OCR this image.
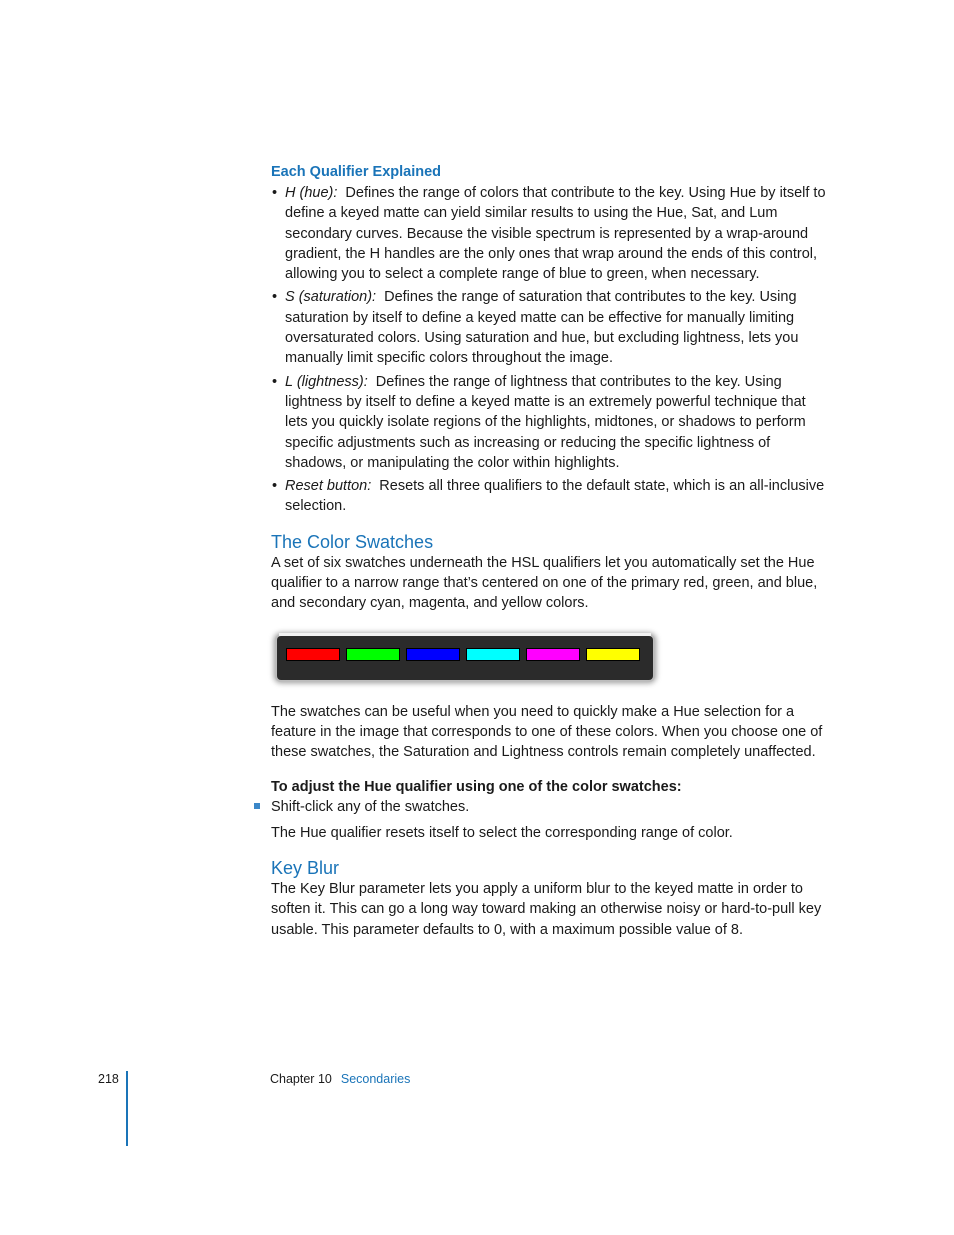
Each Qualifier Explained
• H (hue): Defines the range of colors that contribute to the key. Using Hue by itself to define a keyed matte can yield similar results to using the Hue, Sat, and Lum secondary curves. Because the visible spectrum is represented by a wrap-around gradient, the H handles are the only ones that wrap around the ends of this control, allowing you to select a complete range of blue to green, when necessary.
• S (saturation): Defines the range of saturation that contributes to the key. Using saturation by itself to define a keyed matte can be effective for manually limiting oversaturated colors. Using saturation and hue, but excluding lightness, lets you manually limit specific colors throughout the image.
• L (lightness): Defines the range of lightness that contributes to the key. Using lightness by itself to define a keyed matte is an extremely powerful technique that lets you quickly isolate regions of the highlights, midtones, or shadows to perform specific adjustments such as increasing or reducing the specific lightness of shadows, or manipulating the color within highlights.
• Reset button: Resets all three qualifiers to the default state, which is an all-inclusive selection.
The Color Swatches

A set of six swatches underneath the HSL qualifiers let you automatically set the Hue qualifier to a narrow range that’s centered on one of the primary red, green, and blue, and secondary cyan, magenta, and yellow colors.

The swatches can be useful when you need to quickly make a Hue selection for a feature in the image that corresponds to one of these colors. When you choose one of these swatches, the Saturation and Lightness controls remain completely unaffected.

To adjust the Hue qualifier using one of the color swatches:

Shift-click any of the swatches.

The Hue qualifier resets itself to select the corresponding range of color.

Key Blur

The Key Blur parameter lets you apply a uniform blur to the keyed matte in order to soften it. This can go a long way toward making an otherwise noisy or hard-to-pull key usable. This parameter defaults to 0, with a maximum possible value of 8.

218	Chapter 10 Secondaries
